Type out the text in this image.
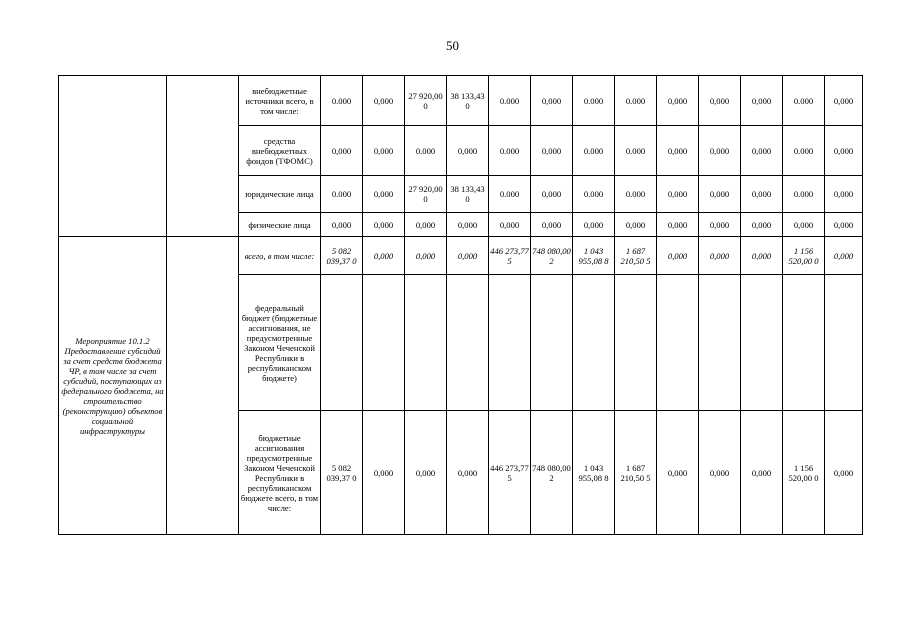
50
		внебюджетные источники всего, в том числе:	0.000	0,000	27 920,00 0	38 133,43 0	0.000	0,000	0.000	0.000	0,000	0,000	0,000	0.000	0,000
		средства внебюджетных фондов (ТФОМС)	0,000	0,000	0.000	0,000	0.000	0,000	0.000	0.000	0,000	0,000	0,000	0.000	0,000
		юридические лица	0.000	0,000	27 920,00 0	38 133,43 0	0.000	0,000	0.000	0.000	0,000	0,000	0,000	0.000	0,000
		физические лица	0,000	0,000	0,000	0,000	0,000	0,000	0,000	0,000	0,000	0,000	0,000	0,000	0,000
Мероприятие 10.1.2 Предоставление субсидий за счет средств бюджета ЧР, в том числе за счет субсидий, поступающих из федерального бюджета, на строительство (реконструкцию) объектов социальной инфраструктуры		всего, в том числе:	5 082 039,37 0	0,000	0,000	0,000	446 273,77 5	748 080,00 2	1 043 955,08 8	1 687 210,50 5	0,000	0,000	0,000	1 156 520,00 0	0,000
		федеральный бюджет (бюджетные ассигнования, не предусмотренные Законом Чеченской Республики в республиканском бюджете)													
		бюджетные ассигнования предусмотренные Законом Чеченской Республики в республиканском бюджете всего, в том числе:	5 082 039,37 0	0,000	0,000	0,000	446 273,77 5	748 080,00 2	1 043 955,08 8	1 687 210,50 5	0,000	0,000	0,000	1 156 520,00 0	0,000
